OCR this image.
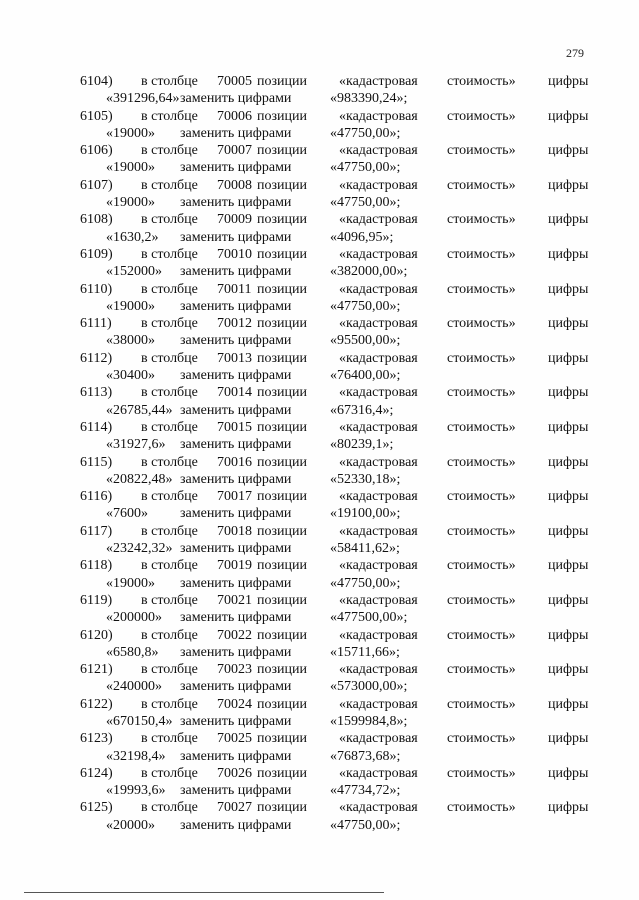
279
6104) в столбце 70005 позиции «кадастровая стоимость» цифры
«391296,64» заменить цифрами	«983390,24»;
6105) в столбце 70006 позиции «кадастровая стоимость» цифры
«19000» заменить цифрами	«47750,00»;
6106) в столбце 70007 позиции «кадастровая стоимость» цифры
«19000» заменить цифрами	«47750,00»;
6107) в столбце 70008 позиции «кадастровая стоимость» цифры
«19000» заменить цифрами	«47750,00»;
6108) в столбце 70009 позиции «кадастровая стоимость» цифры
«1630,2» заменить цифрами	«4096,95»;
6109) в столбце 70010 позиции «кадастровая стоимость» цифры
«152000» заменить цифрами	«382000,00»;
6110) в столбце 70011 позиции «кадастровая стоимость» цифры
«19000» заменить цифрами	«47750,00»;
6111) в столбце 70012 позиции «кадастровая стоимость» цифры
«38000» заменить цифрами	«95500,00»;
6112) в столбце 70013 позиции «кадастровая стоимость» цифры
«30400» заменить цифрами	«76400,00»;
6113) в столбце 70014 позиции «кадастровая стоимость» цифры
«26785,44» заменить цифрами	«67316,4»;
6114) в столбце 70015 позиции «кадастровая стоимость» цифры
«31927,6» заменить цифрами	«80239,1»;
6115) в столбце 70016 позиции «кадастровая стоимость» цифры
«20822,48» заменить цифрами	«52330,18»;
6116) в столбце 70017 позиции «кадастровая стоимость» цифры
«7600» заменить цифрами	«19100,00»;
6117) в столбце 70018 позиции «кадастровая стоимость» цифры
«23242,32» заменить цифрами	«58411,62»;
6118) в столбце 70019 позиции «кадастровая стоимость» цифры
«19000» заменить цифрами	«47750,00»;
6119) в столбце 70021 позиции «кадастровая стоимость» цифры
«200000» заменить цифрами	«477500,00»;
6120) в столбце 70022 позиции «кадастровая стоимость» цифры
«6580,8» заменить цифрами	«15711,66»;
6121) в столбце 70023 позиции «кадастровая стоимость» цифры
«240000» заменить цифрами	«573000,00»;
6122) в столбце 70024 позиции «кадастровая стоимость» цифры
«670150,4» заменить цифрами	«1599984,8»;
6123) в столбце 70025 позиции «кадастровая стоимость» цифры
«32198,4» заменить цифрами	«76873,68»;
6124) в столбце 70026 позиции «кадастровая стоимость» цифры
«19993,6» заменить цифрами	«47734,72»;
6125) в столбце 70027 позиции «кадастровая стоимость» цифры
«20000» заменить цифрами	«47750,00»;
